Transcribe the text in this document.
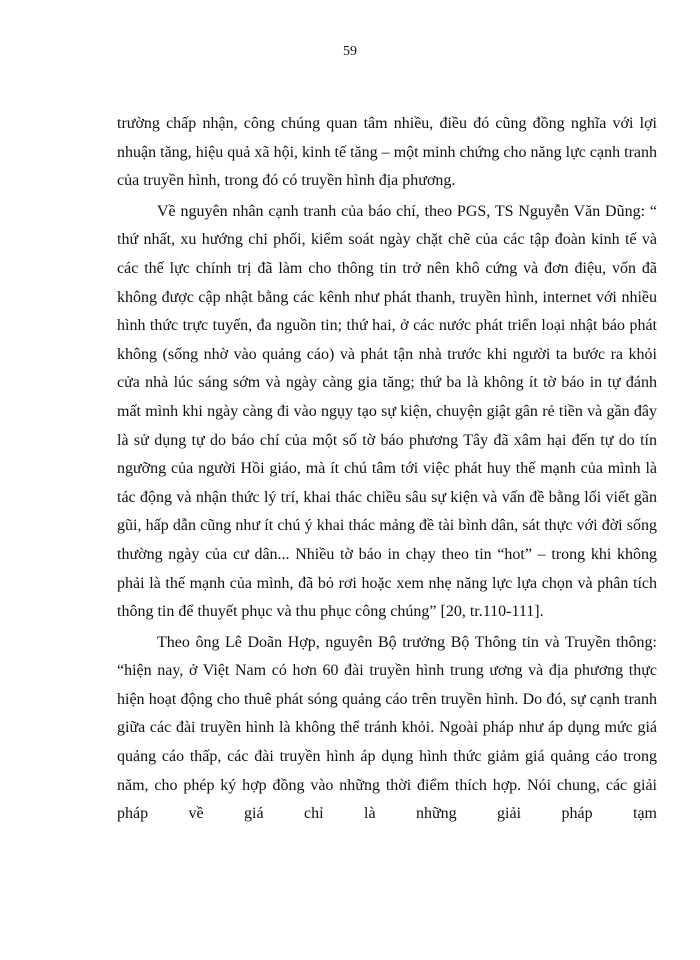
59

trường chấp nhận, công chúng quan tâm nhiều, điều đó cũng đồng nghĩa với lợi nhuận tăng, hiệu quả xã hội, kinh tế tăng – một minh chứng cho năng lực cạnh tranh của truyền hình, trong đó có truyền hình địa phương.

Về nguyên nhân cạnh tranh của báo chí, theo PGS, TS Nguyễn Văn Dũng: “ thứ nhất, xu hướng chi phối, kiểm soát ngày chặt chẽ của các tập đoàn kinh tế và các thế lực chính trị đã làm cho thông tin trở nên khô cứng và đơn điệu, vốn đã không được cập nhật bằng các kênh như phát thanh, truyền hình, internet với nhiều hình thức trực tuyến, đa nguồn tin; thứ hai, ở các nước phát triển loại nhật báo phát không (sống nhờ vào quảng cáo) và phát tận nhà trước khi người ta bước ra khỏi cửa nhà lúc sáng sớm và ngày càng gia tăng; thứ ba là không ít tờ báo in tự đánh mất mình khi ngày càng đi vào ngụy tạo sự kiện, chuyện giật gân rẻ tiền và gần đây là sử dụng tự do báo chí của một số tờ báo phương Tây đã xâm hại đến tự do tín ngưỡng của người Hồi giáo, mà ít chú tâm tới việc phát huy thế mạnh của mình là tác động và nhận thức lý trí, khai thác chiều sâu sự kiện và vấn đề bằng lối viết gần gũi, hấp dẫn cũng như ít chú ý khai thác mảng đề tài bình dân, sát thực với đời sống thường ngày của cư dân... Nhiều tờ báo in chạy theo tin “hot” – trong khi không phải là thế mạnh của mình, đã bỏ rơi hoặc xem nhẹ năng lực lựa chọn và phân tích thông tin để thuyết phục và thu phục công chúng” [20, tr.110-111].

Theo ông Lê Doãn Hợp, nguyên Bộ trưởng Bộ Thông tin và Truyền thông: “hiện nay, ở Việt Nam có hơn 60 đài truyền hình trung ương và địa phương thực hiện hoạt động cho thuê phát sóng quảng cáo trên truyền hình. Do đó, sự cạnh tranh giữa các đài truyền hình là không thể tránh khỏi. Ngoài pháp như áp dụng mức giá quảng cáo thấp, các đài truyền hình áp dụng hình thức giảm giá quảng cáo trong năm, cho phép ký hợp đồng vào những thời điểm thích hợp. Nói chung, các giải pháp về giá chỉ là những giải pháp tạm
